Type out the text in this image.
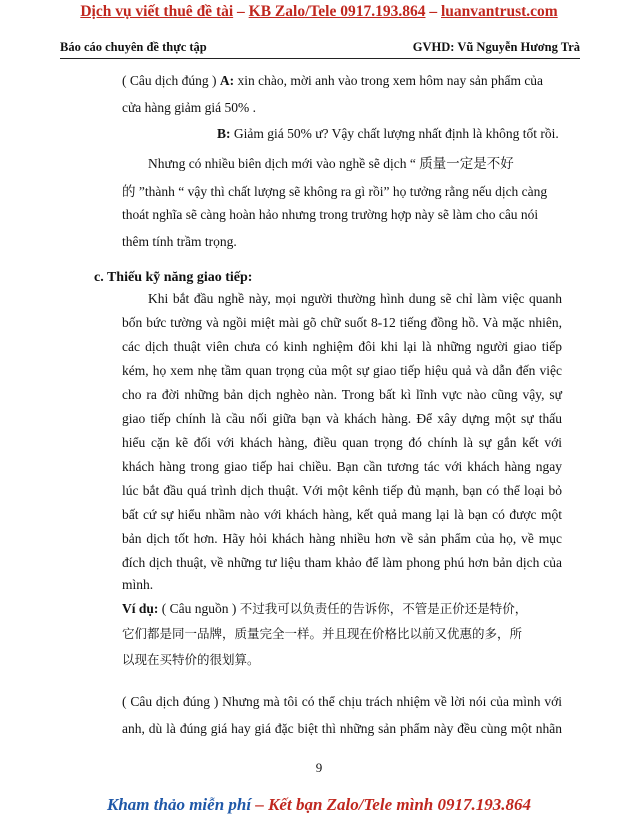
Dịch vụ viết thuê đề tài – KB Zalo/Tele 0917.193.864 – luanvantrust.com
Báo cáo chuyên đề thực tập	GVHD: Vũ Nguyễn Hương Trà
( Câu dịch đúng ) A: xin chào, mời anh vào trong xem hôm nay sản phẩm của
cửa hàng giảm giá 50% .
B: Giảm giá 50% ư? Vậy chất lượng nhất định là không tốt rồi.
Nhưng có nhiều biên dịch mới vào nghề sẽ dịch “ 质量一定是不好
的 ”thành “ vậy thì chất lượng sẽ không ra gì rồi” họ tưởng rằng nếu dịch càng
thoát nghĩa sẽ càng hoàn hảo nhưng trong trường hợp này sẽ làm cho câu nói
thêm tính trầm trọng.
c. Thiếu kỹ năng giao tiếp:
Khi bắt đầu nghề này, mọi người thường hình dung sẽ chỉ làm việc quanh
bốn bức tường và ngồi miệt mài gõ chữ suốt 8-12 tiếng đồng hồ. Và mặc nhiên,
các dịch thuật viên chưa có kinh nghiệm đôi khi lại là những người giao tiếp
kém, họ xem nhẹ tầm quan trọng của một sự giao tiếp hiệu quả và dẫn đến việc
cho ra đời những bản dịch nghèo nàn. Trong bất kì lĩnh vực nào cũng vậy, sự
giao tiếp chính là cầu nối giữa bạn và khách hàng. Để xây dựng một sự thấu
hiểu cặn kẽ đối với khách hàng, điều quan trọng đó chính là sự gắn kết với
khách hàng trong giao tiếp hai chiều. Bạn cần tương tác với khách hàng ngay
lúc bắt đầu quá trình dịch thuật. Với một kênh tiếp đủ mạnh, bạn có thể loại bỏ
bất cứ sự hiểu nhầm nào với khách hàng, kết quả mang lại là bạn có được một
bản dịch tốt hơn. Hãy hỏi khách hàng nhiều hơn về sản phẩm của họ, về mục
đích dịch thuật, về những tư liệu tham khảo để làm phong phú hơn bản dịch của
mình.
Ví dụ: ( Câu nguồn ) 不过我可以负责任的告诉你，不管是正价还是特价，
它们都是同一品牌，质量完全一样。并且现在价格比以前又优惠的多，所
以现在买特价的很划算。
( Câu dịch đúng ) Nhưng mà tôi có thể chịu trách nhiệm về lời nói của mình với
anh, dù là đúng giá hay giá đặc biệt thì những sản phẩm này đều cùng một nhãn
9
Kham thảo miễn phí – Kết bạn Zalo/Tele mình 0917.193.864
